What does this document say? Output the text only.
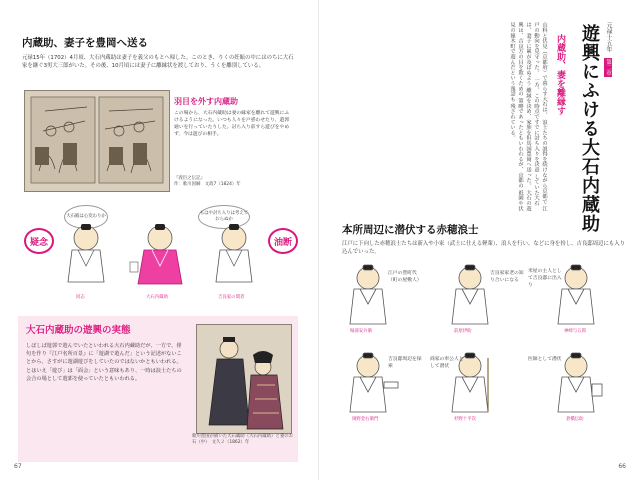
内蔵助、妻子を豊岡へ送る
元禄15年（1702）4月頃、大石内蔵助は妻子を義父のもとへ帰した。このとき、りくの妊娠の中にはのちに大石家を継ぐ3男大三郎がいた。その後、10月頃には妻子に離縁状を渡しており、うくを離別している。
『義臣之伝記』
作：歌川国綱　文政7（1824）年
羽目を外す内蔵助
この場から、大石内蔵助は妻の縁家を離れて遊興にふけるようになった。いつも人々を戸惑わせたり、遊郭通いを行っていたりした。討ち入り前すら遊びをやめず、今は遊びの相手。
大石殿は心変わりか
もはや討ち入りは考えておらぬか
疑念	油断
同志	大石内蔵助	吉良家の間者
大石内蔵助の遊興の実態
しばしば遊郭で遊んでいたといわれる大石内蔵助だが、一方で、俳句を作り『江戸名所百景』に「遊湖で遊んだ」という記述がないことから、さすがに遊湖遊びをしていたのではないかともいわれる。とはいえ「遊び」は「面会」という意味もあり、一時は浪士たちの会合の場として遊郭を使っていたともいわれる。
歌川豊国が描いた大石蔵助（大石内蔵助）と妻のお石（中）　文久２（1862）年
67
元禄十五年
第二章
遊興にふける大石内蔵助
内蔵助、妻を離縁す
山科と伏見（京都府）で暮らす大石は、 浪士たちの説得を続けながら京都で 江戸の動向を見守った。 一方、この時点ですでに討ち入りを決意 していた大石は、妻子に累が及ばぬよう 離縁を決め、家族を但馬国豊岡へ送った。 大石の遊興は、吉良方の目を欺くための 策略であったともいわれるが、京都の 祇園や伏見の撞木町で遊んだという逸話も 残されている。
本所周辺に潜伏する赤穂浪士
江戸に下向した赤穂浪士たちは新入や小家（武士に仕える軽輩）、浪人を行い、などに身を扮し、吉良邸周辺にも入り込んでいった。
江戸の豊町代（町の屋敷人）
堀部安兵衛
吉良家家老の知り合いになる
前原伊助
米屋の主人として吉良邸に出入り
神崎与五郎
吉良邸周辺を探索
岡野金右衛門
商家の奉公人として潜伏
杉野十平次
医師として潜伏
倉橋伝助
66
